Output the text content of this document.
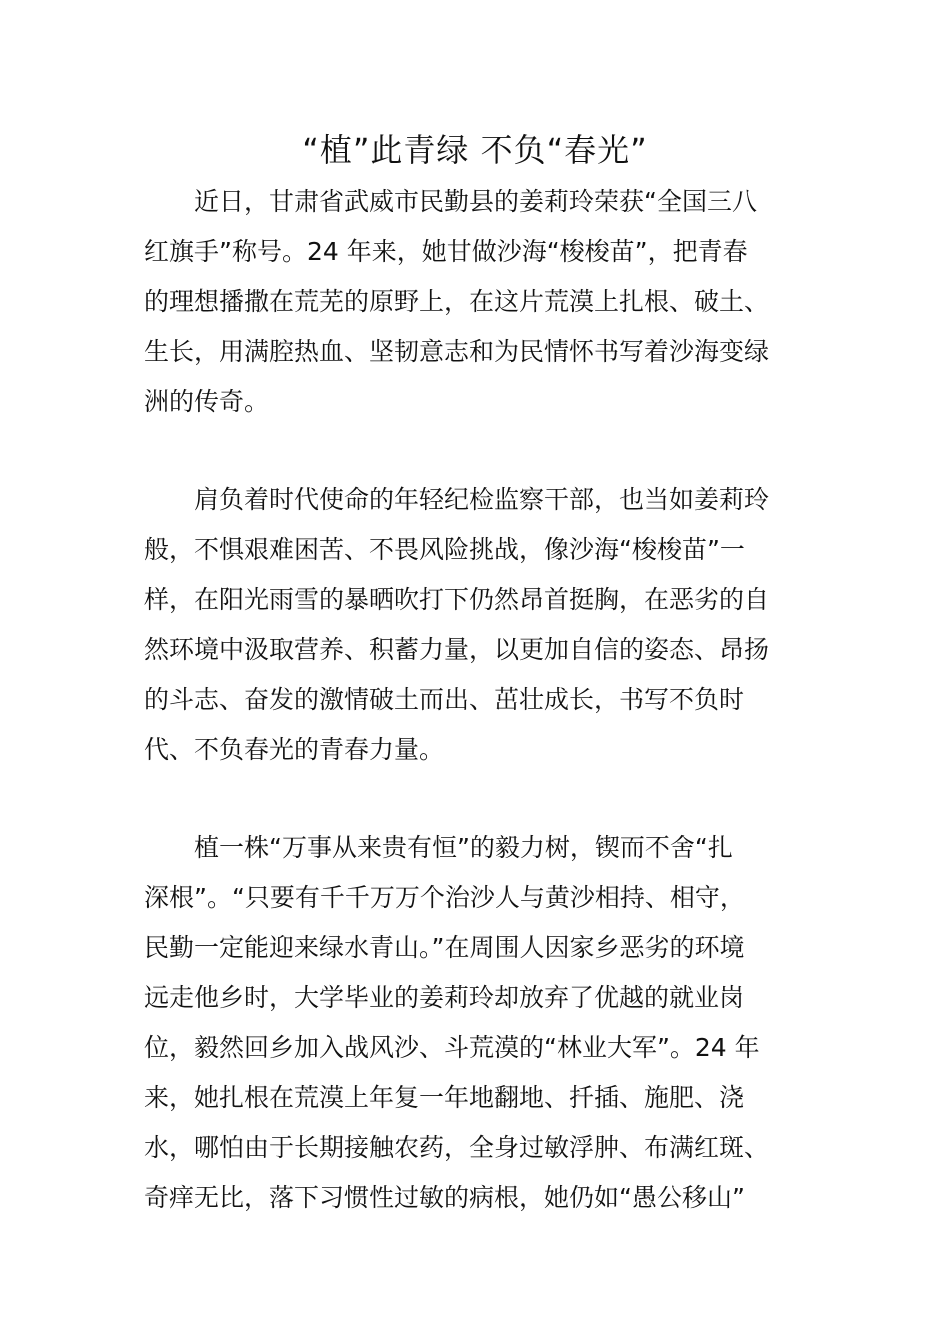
“植”此青绿 不负“春光”
近日，甘肃省武威市民勤县的姜莉玲荣获“全国三八
红旗手”称号。24 年来，她甘做沙海“梭梭苗”，把青春
的理想播撒在荒芜的原野上，在这片荒漠上扎根、破土、
生长，用满腔热血、坚韧意志和为民情怀书写着沙海变绿
洲的传奇。
肩负着时代使命的年轻纪检监察干部，也当如姜莉玲
般，不惧艰难困苦、不畏风险挑战，像沙海“梭梭苗”一
样，在阳光雨雪的暴晒吹打下仍然昂首挺胸，在恶劣的自
然环境中汲取营养、积蓄力量，以更加自信的姿态、昂扬
的斗志、奋发的激情破土而出、茁壮成长，书写不负时
代、不负春光的青春力量。
植一株“万事从来贵有恒”的毅力树，锲而不舍“扎
深根”。“只要有千千万万个治沙人与黄沙相持、相守，
民勤一定能迎来绿水青山。”在周围人因家乡恶劣的环境
远走他乡时，大学毕业的姜莉玲却放弃了优越的就业岗
位，毅然回乡加入战风沙、斗荒漠的“林业大军”。24 年
来，她扎根在荒漠上年复一年地翻地、扦插、施肥、浇
水，哪怕由于长期接触农药，全身过敏浮肿、布满红斑、
奇痒无比，落下习惯性过敏的病根，她仍如“愚公移山”
